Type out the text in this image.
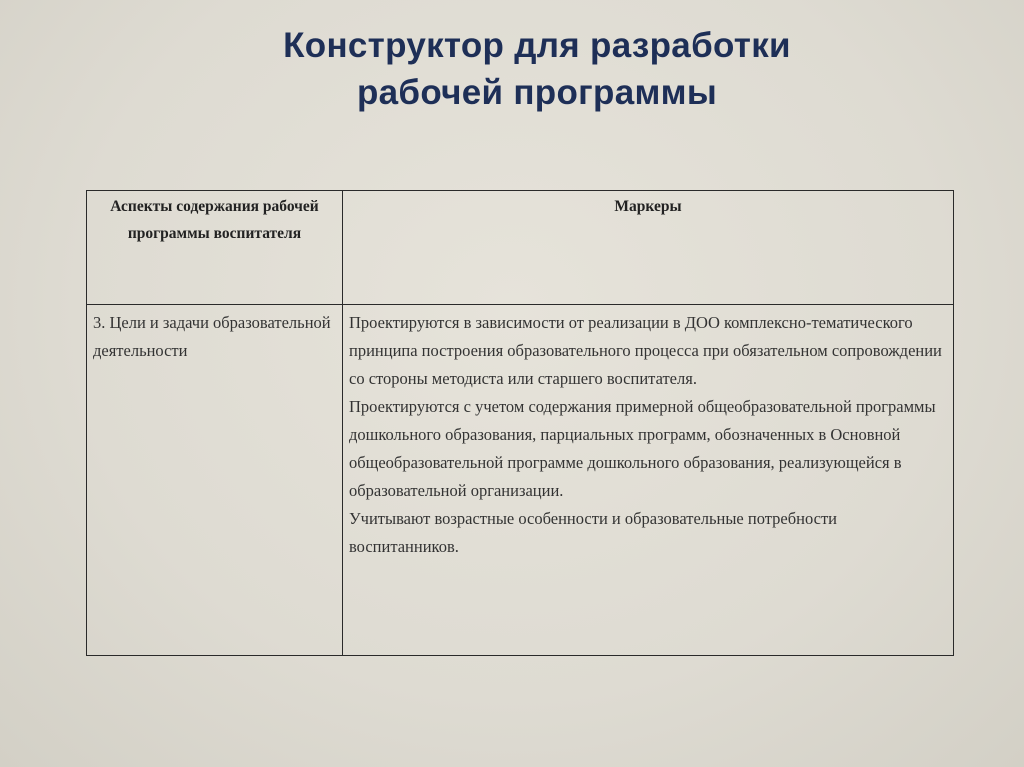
Конструктор для разработки
рабочей программы
Аспекты содержания рабочей программы воспитателя	Маркеры
3. Цели и задачи образовательной деятельности	Проектируются в зависимости от реализации в ДОО комплексно-тематического принципа построения образовательного процесса при обязательном сопровождении со стороны методиста или старшего воспитателя.
Проектируются с учетом содержания примерной общеобразовательной программы дошкольного образования, парциальных программ, обозначенных в Основной общеобразовательной программе дошкольного образования, реализующейся в образовательной организации.
Учитывают возрастные особенности и образовательные потребности воспитанников.
